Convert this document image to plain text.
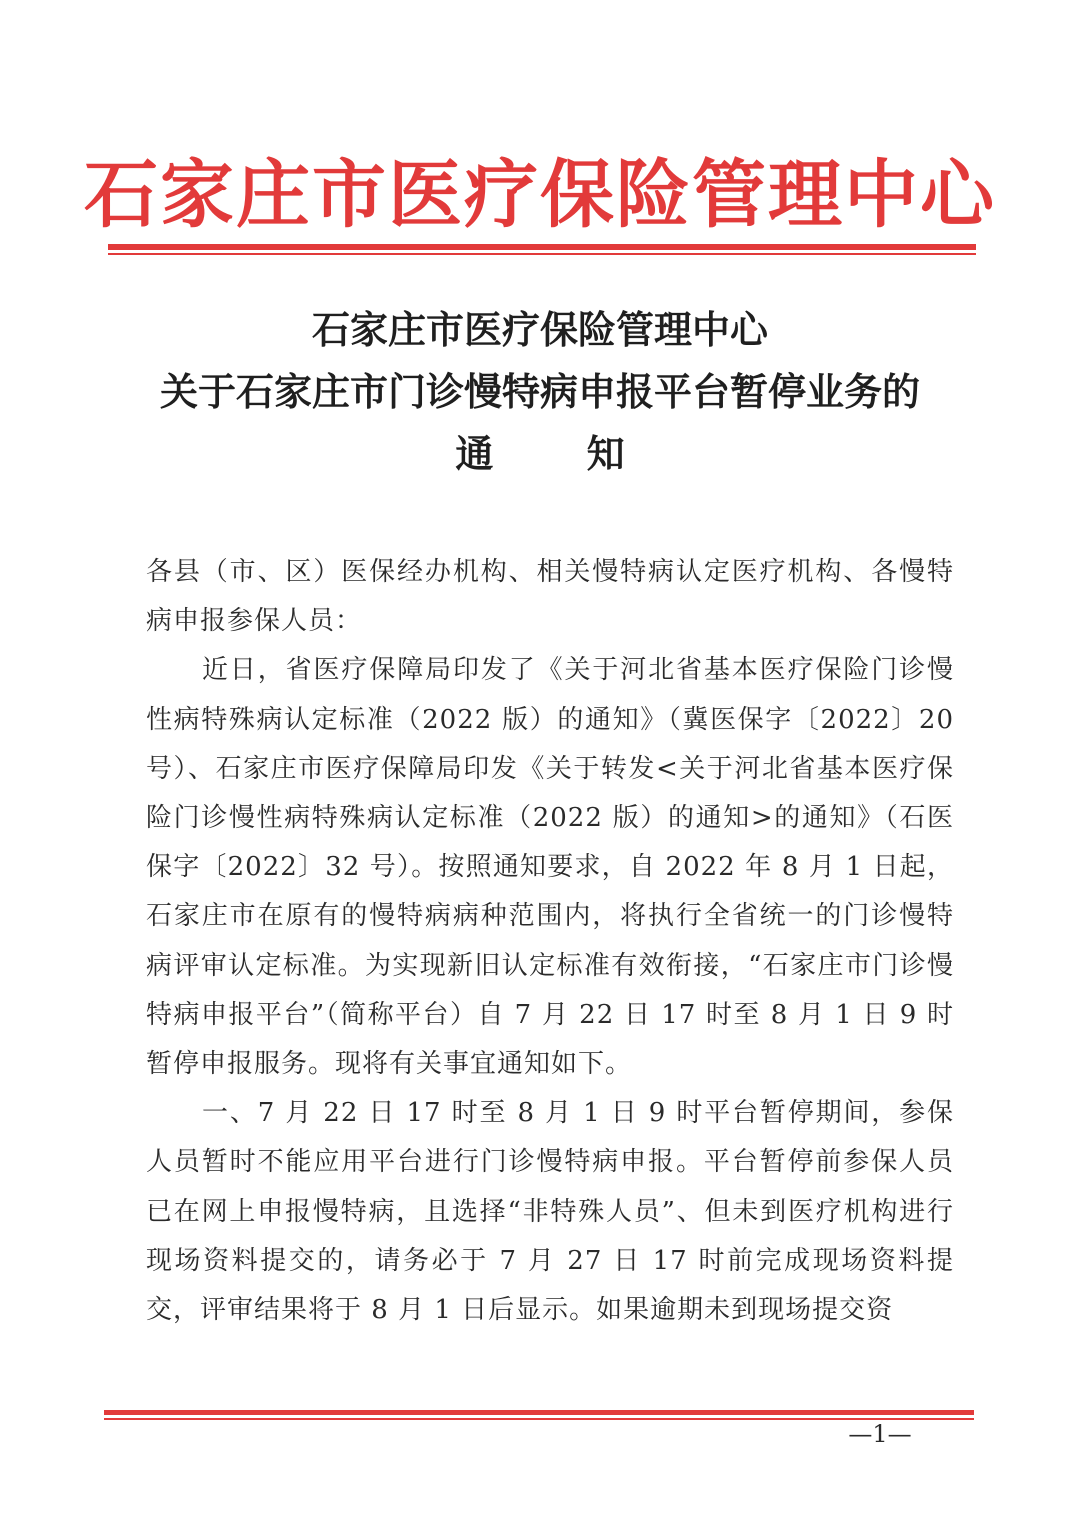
石家庄市医疗保险管理中心
石家庄市医疗保险管理中心
关于石家庄市门诊慢特病申报平台暂停业务的
通 知

各县（市、区）医保经办机构、相关慢特病认定医疗机构、各慢特病申报参保人员：

近日，省医疗保障局印发了《关于河北省基本医疗保险门诊慢性病特殊病认定标准（2022 版）的通知》（冀医保字〔2022〕20 号）、石家庄市医疗保障局印发《关于转发<关于河北省基本医疗保险门诊慢性病特殊病认定标准（2022 版）的通知>的通知》（石医保字〔2022〕32 号）。按照通知要求，自 2022 年 8 月 1 日起，石家庄市在原有的慢特病病种范围内，将执行全省统一的门诊慢特病评审认定标准。为实现新旧认定标准有效衔接，“石家庄市门诊慢特病申报平台”（简称平台）自 7 月 22 日 17 时至 8 月 1 日 9 时暂停申报服务。现将有关事宜通知如下。

一、7 月 22 日 17 时至 8 月 1 日 9 时平台暂停期间，参保人员暂时不能应用平台进行门诊慢特病申报。平台暂停前参保人员已在网上申报慢特病，且选择“非特殊人员”、但未到医疗机构进行现场资料提交的，请务必于 7 月 27 日 17 时前完成现场资料提交，评审结果将于 8 月 1 日后显示。如果逾期未到现场提交资

—1—
